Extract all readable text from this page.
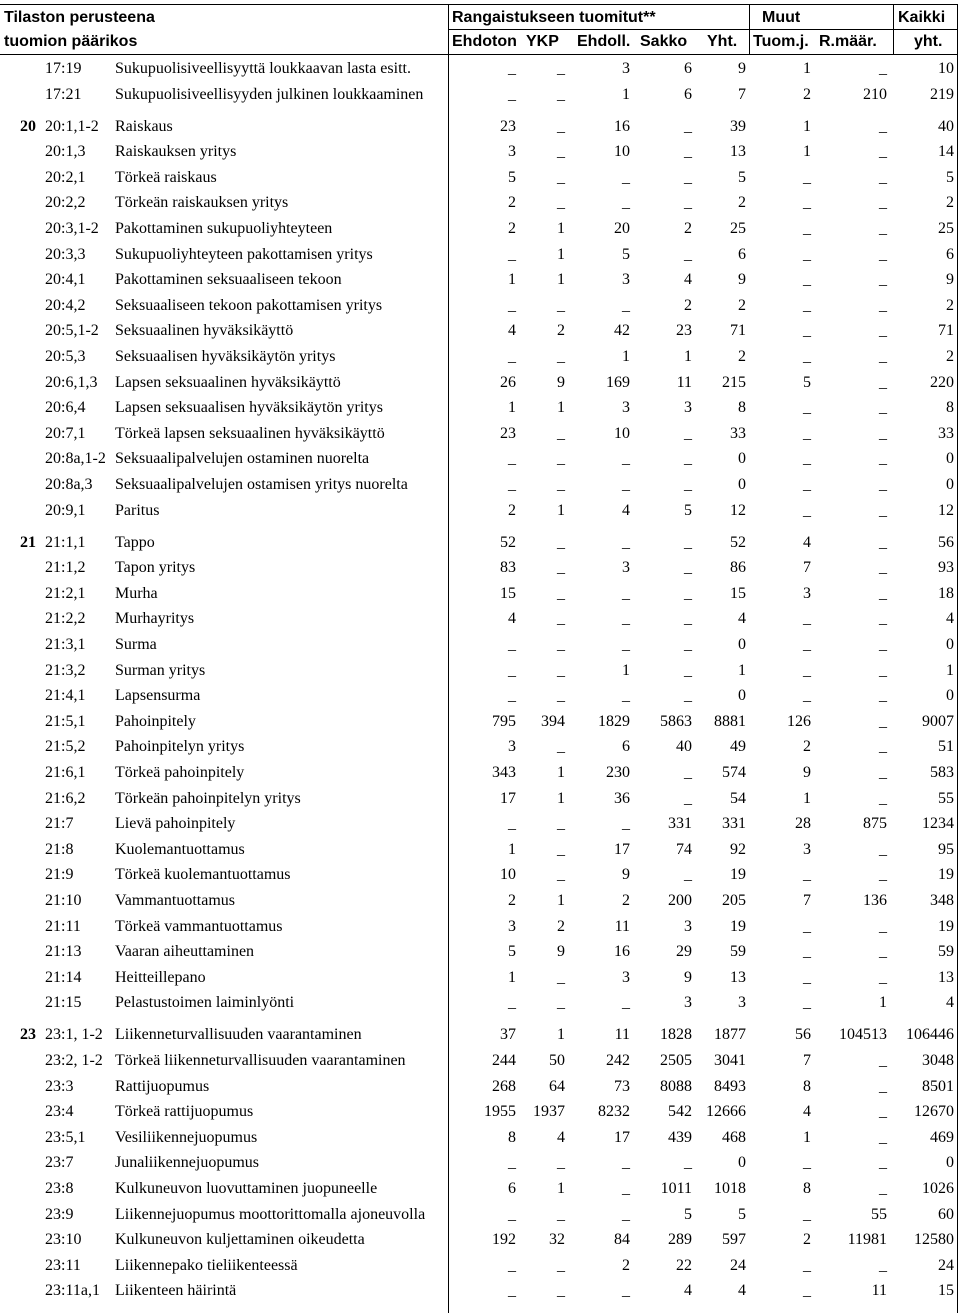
Tilaston perusteena
tuomion päärikos
Rangaistukseen tuomitut**	Muut	Kaikki
Ehdoton YKP Ehdoll. Sakko Yht. Tuom.j. R.määr. yht.
17:19 Sukupuolisiveellisyyttä loukkaavan lasta esitt.	_	_	3	6	9	1	_	10
17:21 Sukupuolisiveellisyyden julkinen loukkaaminen	_	_	1	6	7	2	210	219
20 20:1,1-2 Raiskaus	23	_	16	_ 39	1	_	40
20:1,3 Raiskauksen yritys	3	_	10	_ 13	1	_	14
20:2,1 Törkeä raiskaus	5	_	_	_	5	_	_	5
20:2,2 Törkeän raiskauksen yritys	2	_	_	_	2	_	_	2
20:3,1-2 Pakottaminen sukupuoliyhteyteen	2	1	20	2 25	_	_	25
20:3,3 Sukupuoliyhteyteen pakottamisen yritys	_	1	5	_	6	_	_	6
20:4,1 Pakottaminen seksuaaliseen tekoon	1	1	3	4	9	_	_	9
20:4,2 Seksuaaliseen tekoon pakottamisen yritys	_	_	_	2	2	_	_	2
20:5,1-2 Seksuaalinen hyväksikäyttö	4	2	42	23 71	_	_	71
20:5,3 Seksuaalisen hyväksikäytön yritys	_	_	1	1	2	_	_	2
20:6,1,3 Lapsen seksuaalinen hyväksikäyttö	26	9	169	11 215	5	_	220
20:6,4 Lapsen seksuaalisen hyväksikäytön yritys	1	1	3	3	8	_	_	8
20:7,1 Törkeä lapsen seksuaalinen hyväksikäyttö	23	_	10	_ 33	_	_	33
20:8a,1-2 Seksuaalipalvelujen ostaminen nuorelta	_	_	_	_	0	_	_	0
20:8a,3 Seksuaalipalvelujen ostamisen yritys nuorelta	_	_	_	_	0	_	_	0
20:9,1 Paritus	2	1	4	5 12	_	_	12
21 21:1,1 Tappo	52	_	_	_ 52	4	_	56
21:1,2 Tapon yritys	83	_	3	_ 86	7	_	93
21:2,1 Murha	15	_	_	_ 15	3	_	18
21:2,2 Murhayritys	4	_	_	_	4	_	_	4
21:3,1 Surma	_	_	_	_	0	_	_	0
21:3,2 Surman yritys	_	_	1	_	1	_	_	1
21:4,1 Lapsensurma	_	_	_	_	0	_	_	0
21:5,1 Pahoinpitely	795 394 1829 5863 8881	126	_ 9007
21:5,2 Pahoinpitelyn yritys	3	_	6	40 49	2	_	51
21:6,1 Törkeä pahoinpitely	343	1	230	_ 574	9	_	583
21:6,2 Törkeän pahoinpitelyn yritys	17	1	36	_ 54	1	_	55
21:7	Lievä pahoinpitely	_	_	_ 331 331	28	875 1234
21:8	Kuolemantuottamus	1	_	17	74 92	3	_	95
21:9	Törkeä kuolemantuottamus	10	_	9	_ 19	_	_	19
21:10 Vammantuottamus	2	1	2 200 205	7	136	348
21:11 Törkeä vammantuottamus	3	2	11	3 19	_	_	19
21:13 Vaaran aiheuttaminen	5	9	16	29 59	_	_	59
21:14 Heitteillepano	1	_	3	9 13	_	_	13
21:15 Pelastustoimen laiminlyönti	_	_	_	3	3	_	1	4
23 23:1, 1-2 Liikenneturvallisuuden vaarantaminen	37	1	11 1828 1877	56 104513 106446
23:2, 1-2 Törkeä liikenneturvallisuuden vaarantaminen	244 50	242 2505 3041	7	_ 3048
23:3	Rattijuopumus	268 64	73 8088 8493	8	_ 8501
23:4	Törkeä rattijuopumus	1955 1937 8232 542 12666	4	_ 12670
23:5,1 Vesiliikennejuopumus	8	4	17 439 468	1	_	469
23:7	Junaliikennejuopumus	_	_	_	_	0	_	_	0
23:8	Kulkuneuvon luovuttaminen juopuneelle	6	1	_ 1011 1018	8	_ 1026
23:9	Liikennejuopumus moottorittomalla ajoneuvolla	_	_	_	5	5	_	55	60
23:10 Kulkuneuvon kuljettaminen oikeudetta	192 32	84 289 597	2 11981 12580
23:11 Liikennepako tieliikenteessä	_	_	2	22 24	_	_	24
23:11a,1 Liikenteen häirintä	_	_	_	4	4	_	11	15
